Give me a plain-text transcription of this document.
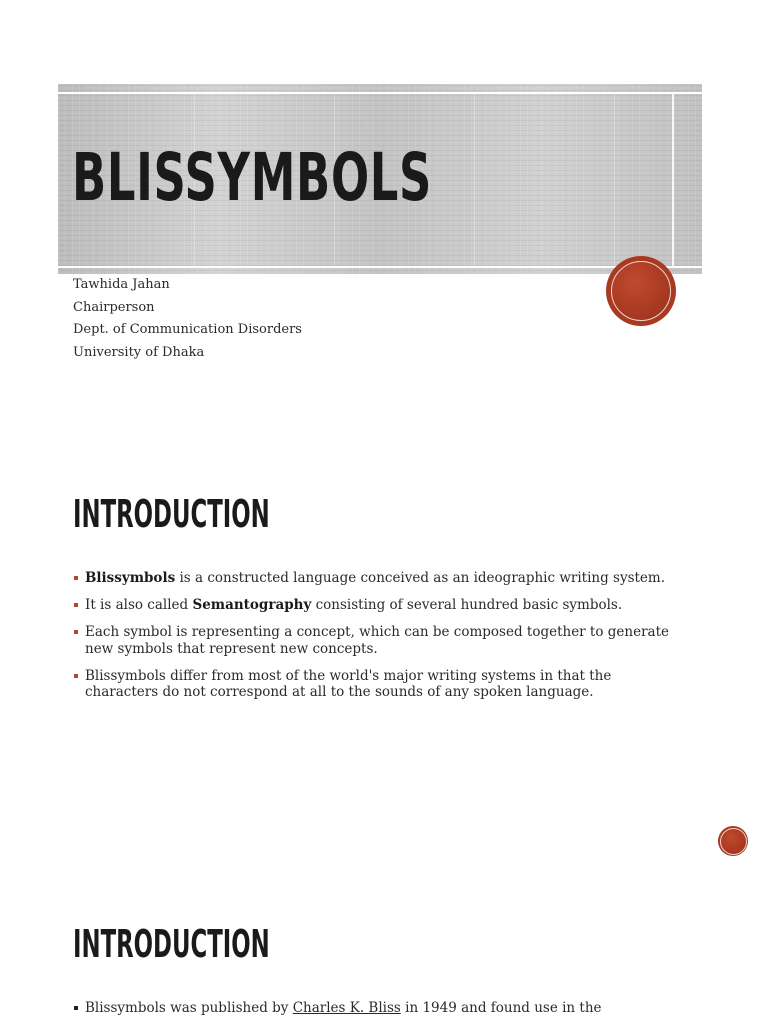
BLISSYMBOLS
Tawhida Jahan
Chairperson
Dept. of Communication Disorders
University of Dhaka
INTRODUCTION
Blissymbols is a constructed language conceived as an ideographic writing system.
It is also called Semantography consisting of several hundred basic symbols.
Each symbol is representing a concept, which can be composed together to generate new symbols that represent new concepts.
Blissymbols differ from most of the world's major writing systems in that the characters do not correspond at all to the sounds of any spoken language.
INTRODUCTION
Blissymbols was published by Charles K. Bliss in 1949 and found use in the
